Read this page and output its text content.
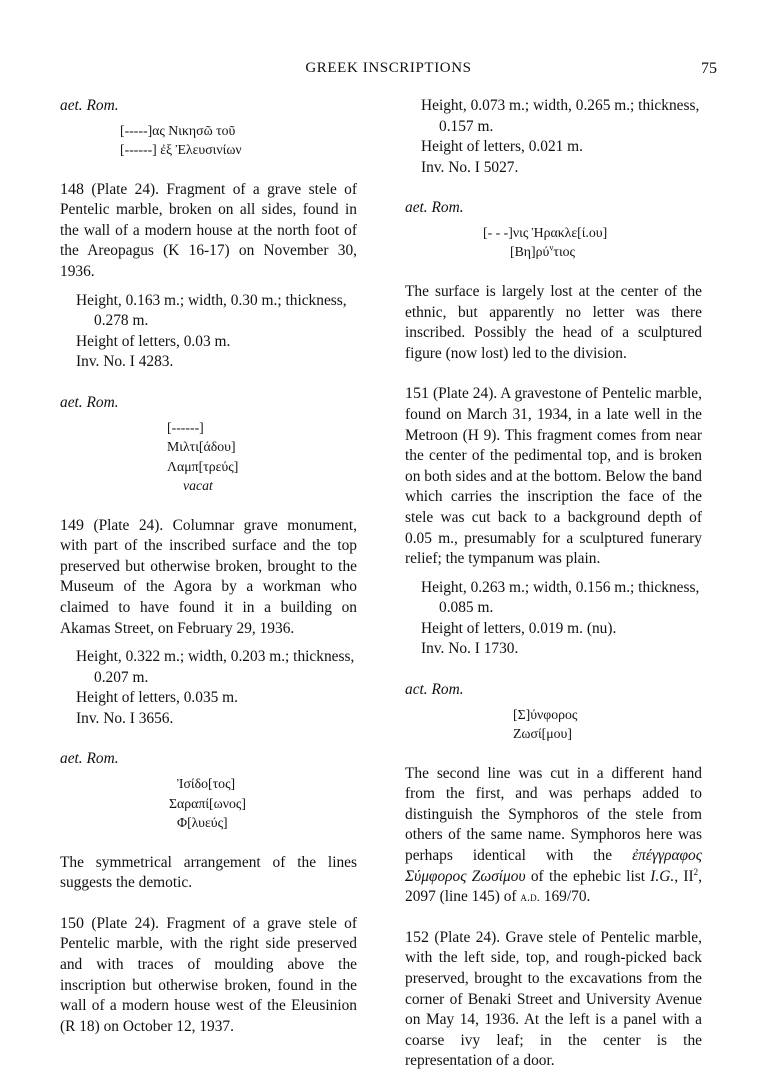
GREEK INSCRIPTIONS	75
aet. Rom.
[-----]ας Νικησῶ τοῦ
[------] ἐξ Ἐλευσινίων
148 (Plate 24). Fragment of a grave stele of Pentelic marble, broken on all sides, found in the wall of a modern house at the north foot of the Areopagus (K 16-17) on November 30, 1936.
Height, 0.163 m.; width, 0.30 m.; thickness,
0.278 m.
Height of letters, 0.03 m.
Inv. No. I 4283.
aet. Rom.
[------]
Μιλτι[άδου]
Λαμπ[τρεύς]
vacat
149 (Plate 24). Columnar grave monument, with part of the inscribed surface and the top preserved but otherwise broken, brought to the Museum of the Agora by a workman who claimed to have found it in a building on Akamas Street, on February 29, 1936.
Height, 0.322 m.; width, 0.203 m.; thickness,
0.207 m.
Height of letters, 0.035 m.
Inv. No. I 3656.
aet. Rom.
Ἰσίδο[τος]
Σαραπί[ωνος]
Φ[λυεύς]
The symmetrical arrangement of the lines suggests the demotic.
150 (Plate 24). Fragment of a grave stele of Pentelic marble, with the right side preserved and with traces of moulding above the inscription but otherwise broken, found in the wall of a modern house west of the Eleusinion (R 18) on October 12, 1937.
Height, 0.073 m.; width, 0.265 m.; thickness,
0.157 m.
Height of letters, 0.021 m.
Inv. No. I 5027.
aet. Rom.
[- - -]νις Ἡρακλε[ί.ου]
$[B\eta]\rho ύ^\nu\tau\iota o\varsigma$
The surface is largely lost at the center of the ethnic, but apparently no letter was there inscribed. Possibly the head of a sculptured figure (now lost) led to the division.
151 (Plate 24). A gravestone of Pentelic marble, found on March 31, 1934, in a late well in the Metroon (H 9). This fragment comes from near the center of the pedimental top, and is broken on both sides and at the bottom. Below the band which carries the inscription the face of the stele was cut back to a background depth of 0.05 m., presumably for a sculptured funerary relief; the tympanum was plain.
Height, 0.263 m.; width, 0.156 m.; thickness,
0.085 m.
Height of letters, 0.019 m. (nu).
Inv. No. I 1730.
act. Rom.
[Σ]ύνφορος
Ζωσί[μου]
The second line was cut in a different hand from the first, and was perhaps added to distinguish the Symphoros of the stele from others of the same name. Symphoros here was perhaps identical with the ἐπέγγραφος Σύμφορος Ζωσίμου of the ephebic list I.G., $II^2$, 2097 (line 145) of a.d. 169/70.
152 (Plate 24). Grave stele of Pentelic marble, with the left side, top, and rough-picked back preserved, brought to the excavations from the corner of Benaki Street and University Avenue on May 14, 1936. At the left is a panel with a coarse ivy leaf; in the center is the representation of a door.
